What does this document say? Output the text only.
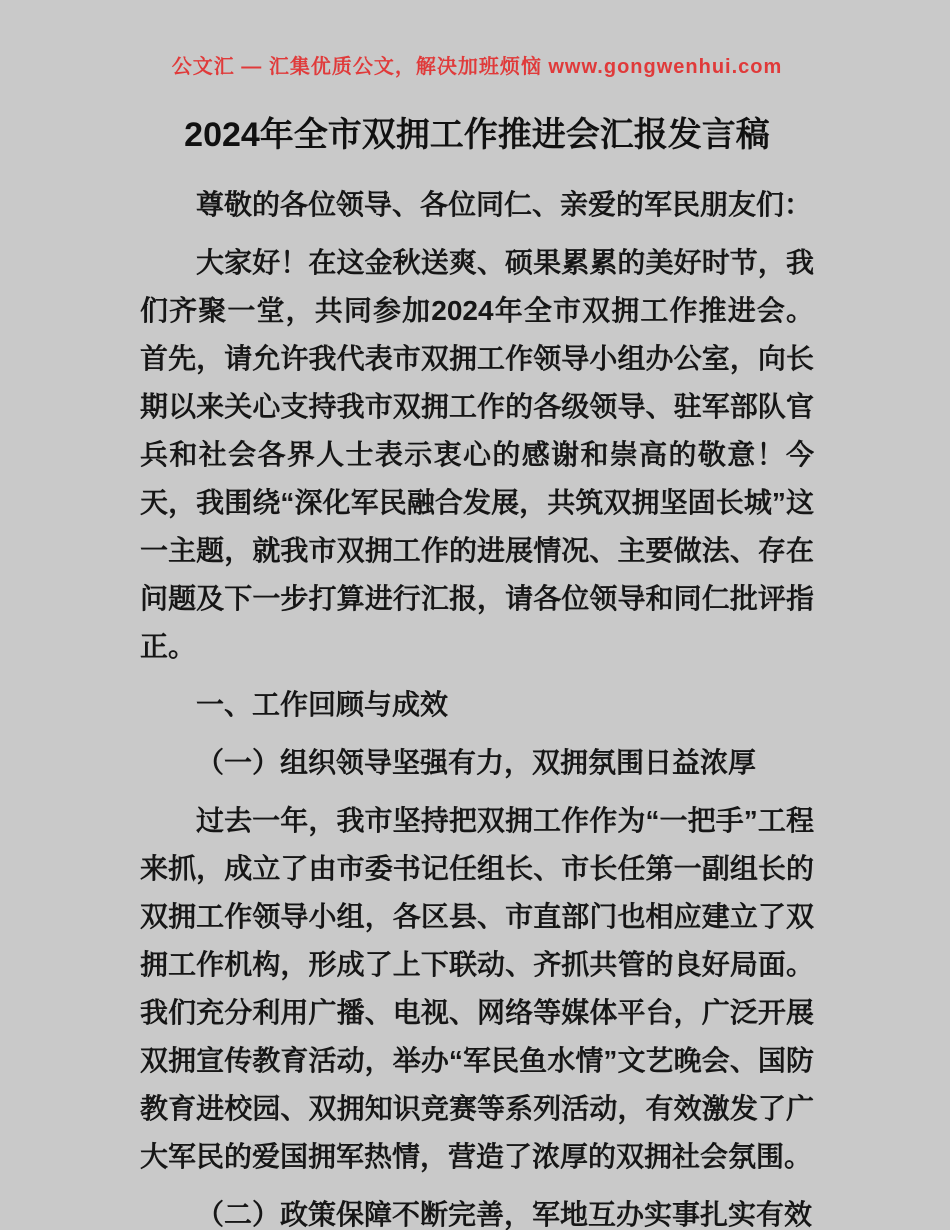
公文汇 — 汇集优质公文，解决加班烦恼 www.gongwenhui.com
2024年全市双拥工作推进会汇报发言稿

尊敬的各位领导、各位同仁、亲爱的军民朋友们：

大家好！在这金秋送爽、硕果累累的美好时节，我们齐聚一堂，共同参加2024年全市双拥工作推进会。首先，请允许我代表市双拥工作领导小组办公室，向长期以来关心支持我市双拥工作的各级领导、驻军部队官兵和社会各界人士表示衷心的感谢和崇高的敬意！今天，我围绕“深化军民融合发展，共筑双拥坚固长城”这一主题，就我市双拥工作的进展情况、主要做法、存在问题及下一步打算进行汇报，请各位领导和同仁批评指正。

一、工作回顾与成效

（一）组织领导坚强有力，双拥氛围日益浓厚

过去一年，我市坚持把双拥工作作为“一把手”工程来抓，成立了由市委书记任组长、市长任第一副组长的双拥工作领导小组，各区县、市直部门也相应建立了双拥工作机构，形成了上下联动、齐抓共管的良好局面。我们充分利用广播、电视、网络等媒体平台，广泛开展双拥宣传教育活动，举办“军民鱼水情”文艺晚会、国防教育进校园、双拥知识竞赛等系列活动，有效激发了广大军民的爱国拥军热情，营造了浓厚的双拥社会氛围。

（二）政策保障不断完善，军地互办实事扎实有效
